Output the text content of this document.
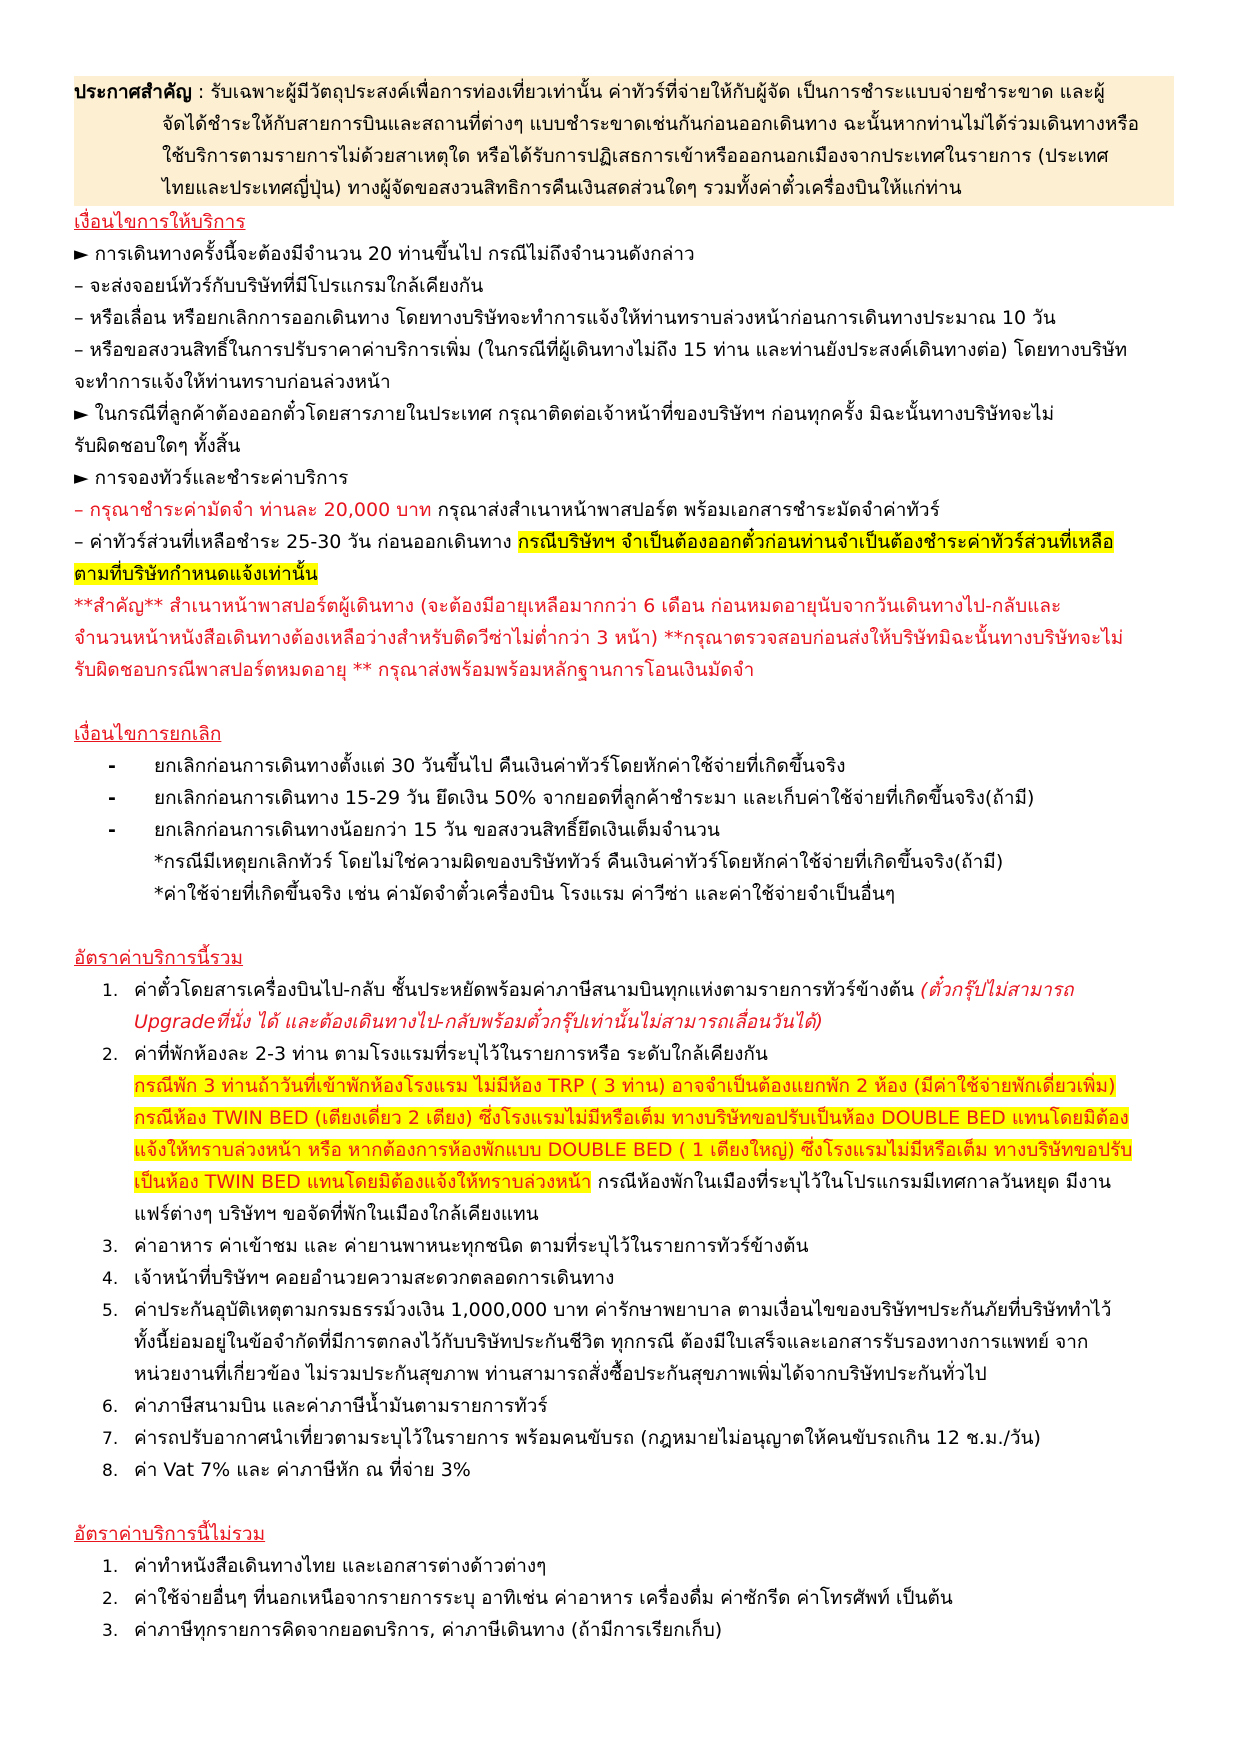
ประกาศสำคัญ : รับเฉพาะผู้มีวัตถุประสงค์เพื่อการท่องเที่ยวเท่านั้น ค่าทัวร์ที่จ่ายให้กับผู้จัด เป็นการชำระแบบจ่ายชำระขาด และผู้
จัดได้ชำระให้กับสายการบินและสถานที่ต่างๆ แบบชำระขาดเช่นกันก่อนออกเดินทาง ฉะนั้นหากท่านไม่ได้ร่วมเดินทางหรือ
ใช้บริการตามรายการไม่ด้วยสาเหตุใด หรือได้รับการปฏิเสธการเข้าหรือออกนอกเมืองจากประเทศในรายการ (ประเทศ
ไทยและประเทศญี่ปุ่น) ทางผู้จัดขอสงวนสิทธิการคืนเงินสดส่วนใดๆ รวมทั้งค่าตั๋วเครื่องบินให้แก่ท่าน
เงื่อนไขการให้บริการ
► การเดินทางครั้งนี้จะต้องมีจำนวน 20 ท่านขึ้นไป กรณีไม่ถึงจำนวนดังกล่าว
– จะส่งจอยน์ทัวร์กับบริษัทที่มีโปรแกรมใกล้เคียงกัน
– หรือเลื่อน หรือยกเลิกการออกเดินทาง โดยทางบริษัทจะทำการแจ้งให้ท่านทราบล่วงหน้าก่อนการเดินทางประมาณ 10 วัน
– หรือขอสงวนสิทธิ์ในการปรับราคาค่าบริการเพิ่ม (ในกรณีที่ผู้เดินทางไม่ถึง 15 ท่าน และท่านยังประสงค์เดินทางต่อ) โดยทางบริษัท
จะทำการแจ้งให้ท่านทราบก่อนล่วงหน้า
► ในกรณีที่ลูกค้าต้องออกตั๋วโดยสารภายในประเทศ กรุณาติดต่อเจ้าหน้าที่ของบริษัทฯ ก่อนทุกครั้ง มิฉะนั้นทางบริษัทจะไม่
รับผิดชอบใดๆ ทั้งสิ้น
► การจองทัวร์และชำระค่าบริการ
– กรุณาชำระค่ามัดจำ ท่านละ 20,000 บาท กรุณาส่งสำเนาหน้าพาสปอร์ต พร้อมเอกสารชำระมัดจำค่าทัวร์
– ค่าทัวร์ส่วนที่เหลือชำระ 25-30 วัน ก่อนออกเดินทาง กรณีบริษัทฯ จำเป็นต้องออกตั๋วก่อนท่านจำเป็นต้องชำระค่าทัวร์ส่วนที่เหลือ
ตามที่บริษัทกำหนดแจ้งเท่านั้น
**สำคัญ** สำเนาหน้าพาสปอร์ตผู้เดินทาง (จะต้องมีอายุเหลือมากกว่า 6 เดือน ก่อนหมดอายุนับจากวันเดินทางไป-กลับและ
จำนวนหน้าหนังสือเดินทางต้องเหลือว่างสำหรับติดวีซ่าไม่ต่ำกว่า 3 หน้า) **กรุณาตรวจสอบก่อนส่งให้บริษัทมิฉะนั้นทางบริษัทจะไม่
รับผิดชอบกรณีพาสปอร์ตหมดอายุ ** กรุณาส่งพร้อมพร้อมหลักฐานการโอนเงินมัดจำ
เงื่อนไขการยกเลิก
- ยกเลิกก่อนการเดินทางตั้งแต่ 30 วันขึ้นไป คืนเงินค่าทัวร์โดยหักค่าใช้จ่ายที่เกิดขึ้นจริง
- ยกเลิกก่อนการเดินทาง 15-29 วัน ยึดเงิน 50% จากยอดที่ลูกค้าชำระมา และเก็บค่าใช้จ่ายที่เกิดขึ้นจริง(ถ้ามี)
- ยกเลิกก่อนการเดินทางน้อยกว่า 15 วัน ขอสงวนสิทธิ์ยึดเงินเต็มจำนวน
*กรณีมีเหตุยกเลิกทัวร์ โดยไม่ใช่ความผิดของบริษัททัวร์ คืนเงินค่าทัวร์โดยหักค่าใช้จ่ายที่เกิดขึ้นจริง(ถ้ามี)
*ค่าใช้จ่ายที่เกิดขึ้นจริง เช่น ค่ามัดจำตั๋วเครื่องบิน โรงแรม ค่าวีซ่า และค่าใช้จ่ายจำเป็นอื่นๆ
อัตราค่าบริการนี้รวม
1. ค่าตั๋วโดยสารเครื่องบินไป-กลับ ชั้นประหยัดพร้อมค่าภาษีสนามบินทุกแห่งตามรายการทัวร์ข้างต้น (ตั๋วกรุ๊ปไม่สามารถ
Upgradeที่นั่ง ได้ และต้องเดินทางไป-กลับพร้อมตั๋วกรุ๊ปเท่านั้นไม่สามารถเลื่อนวันได้)
2. ค่าที่พักห้องละ 2-3 ท่าน ตามโรงแรมที่ระบุไว้ในรายการหรือ ระดับใกล้เคียงกัน
กรณีพัก 3 ท่านถ้าวันที่เข้าพักห้องโรงแรม ไม่มีห้อง TRP ( 3 ท่าน) อาจจำเป็นต้องแยกพัก 2 ห้อง (มีค่าใช้จ่ายพักเดี่ยวเพิ่ม)
กรณีห้อง TWIN BED (เตียงเดี่ยว 2 เตียง) ซึ่งโรงแรมไม่มีหรือเต็ม ทางบริษัทขอปรับเป็นห้อง DOUBLE BED แทนโดยมิต้อง
แจ้งให้ทราบล่วงหน้า หรือ หากต้องการห้องพักแบบ DOUBLE BED ( 1 เตียงใหญ่) ซึ่งโรงแรมไม่มีหรือเต็ม ทางบริษัทขอปรับ
เป็นห้อง TWIN BED แทนโดยมิต้องแจ้งให้ทราบล่วงหน้า กรณีห้องพักในเมืองที่ระบุไว้ในโปรแกรมมีเทศกาลวันหยุด มีงาน
แฟร์ต่างๆ บริษัทฯ ขอจัดที่พักในเมืองใกล้เคียงแทน
3. ค่าอาหาร ค่าเข้าชม และ ค่ายานพาหนะทุกชนิด ตามที่ระบุไว้ในรายการทัวร์ข้างต้น
4. เจ้าหน้าที่บริษัทฯ คอยอำนวยความสะดวกตลอดการเดินทาง
5. ค่าประกันอุบัติเหตุตามกรมธรรม์วงเงิน 1,000,000 บาท ค่ารักษาพยาบาล ตามเงื่อนไขของบริษัทฯประกันภัยที่บริษัททำไว้
ทั้งนี้ย่อมอยู่ในข้อจำกัดที่มีการตกลงไว้กับบริษัทประกันชีวิต ทุกกรณี ต้องมีใบเสร็จและเอกสารรับรองทางการแพทย์ จาก
หน่วยงานที่เกี่ยวข้อง ไม่รวมประกันสุขภาพ ท่านสามารถสั่งซื้อประกันสุขภาพเพิ่มได้จากบริษัทประกันทั่วไป
6. ค่าภาษีสนามบิน และค่าภาษีน้ำมันตามรายการทัวร์
7. ค่ารถปรับอากาศนำเที่ยวตามระบุไว้ในรายการ พร้อมคนขับรถ (กฎหมายไม่อนุญาตให้คนขับรถเกิน 12 ช.ม./วัน)
8. ค่า Vat 7% และ ค่าภาษีหัก ณ ที่จ่าย 3%
อัตราค่าบริการนี้ไม่รวม
1. ค่าทำหนังสือเดินทางไทย และเอกสารต่างด้าวต่างๆ
2. ค่าใช้จ่ายอื่นๆ ที่นอกเหนือจากรายการระบุ อาทิเช่น ค่าอาหาร เครื่องดื่ม ค่าซักรีด ค่าโทรศัพท์ เป็นต้น
3. ค่าภาษีทุกรายการคิดจากยอดบริการ, ค่าภาษีเดินทาง (ถ้ามีการเรียกเก็บ)
